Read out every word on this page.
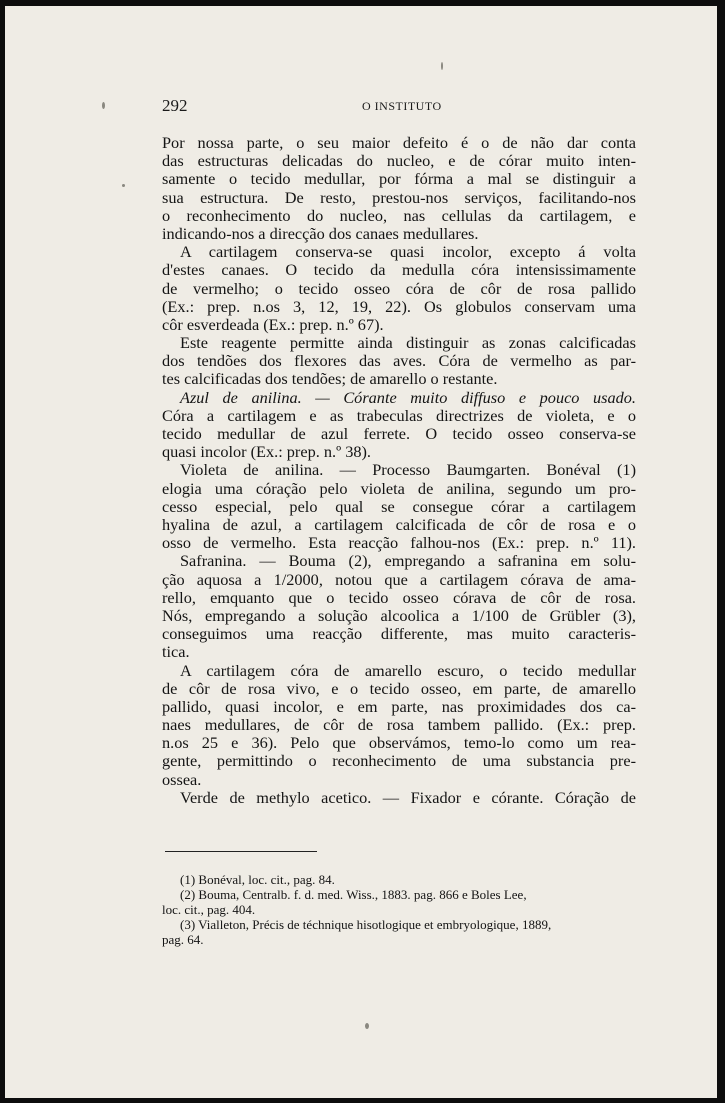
292	O INSTITUTO
Por nossa parte, o seu maior defeito é o de não dar conta
das estructuras delicadas do nucleo, e de córar muito inten-
samente o tecido medullar, por fórma a mal se distinguir a
sua estructura. De resto, prestou-nos serviços, facilitando-nos
o reconhecimento do nucleo, nas cellulas da cartilagem, e
indicando-nos a direcção dos canaes medullares.
A cartilagem conserva-se quasi incolor, excepto á volta
d'estes canaes. O tecido da medulla córa intensissimamente
de vermelho; o tecido osseo córa de côr de rosa pallido
(Ex.: prep. n.os 3, 12, 19, 22). Os globulos conservam uma
côr esverdeada (Ex.: prep. n.º 67).
Este reagente permitte ainda distinguir as zonas calcificadas
dos tendões dos flexores das aves. Córa de vermelho as par-
tes calcificadas dos tendões; de amarello o restante.
Azul de anilina. — Córante muito diffuso e pouco usado.
Córa a cartilagem e as trabeculas directrizes de violeta, e o
tecido medullar de azul ferrete. O tecido osseo conserva-se
quasi incolor (Ex.: prep. n.º 38).
Violeta de anilina. — Processo Baumgarten. Bonéval (1)
elogia uma córação pelo violeta de anilina, segundo um pro-
cesso especial, pelo qual se consegue córar a cartilagem
hyalina de azul, a cartilagem calcificada de côr de rosa e o
osso de vermelho. Esta reacção falhou-nos (Ex.: prep. n.º 11).
Safranina. — Bouma (2), empregando a safranina em solu-
ção aquosa a 1/2000, notou que a cartilagem córava de ama-
rello, emquanto que o tecido osseo córava de côr de rosa.
Nós, empregando a solução alcoolica a 1/100 de Grübler (3),
conseguimos uma reacção differente, mas muito caracteris-
tica.
A cartilagem córa de amarello escuro, o tecido medullar
de côr de rosa vivo, e o tecido osseo, em parte, de amarello
pallido, quasi incolor, e em parte, nas proximidades dos ca-
naes medullares, de côr de rosa tambem pallido. (Ex.: prep.
n.os 25 e 36). Pelo que observámos, temo-lo como um rea-
gente, permittindo o reconhecimento de uma substancia pre-
ossea.
Verde de methylo acetico. — Fixador e córante. Córação de
(1) Bonéval, loc. cit., pag. 84.
(2) Bouma, Centralb. f. d. med. Wiss., 1883. pag. 866 e Boles Lee,
loc. cit., pag. 404.
(3) Vialleton, Précis de téchnique hisotlogique et embryologique, 1889,
pag. 64.
